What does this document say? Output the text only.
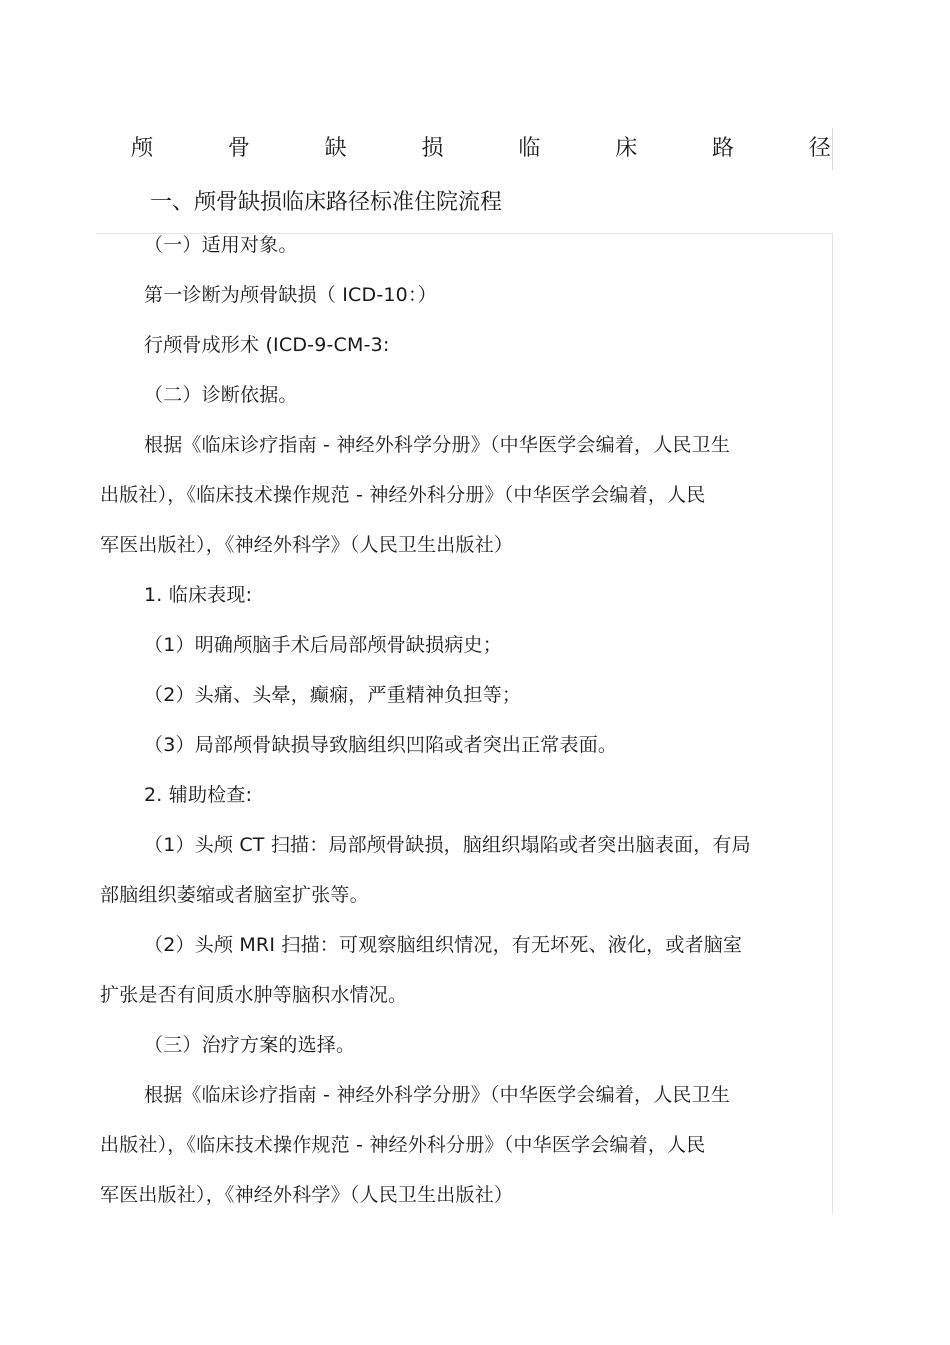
颅	骨	缺	损	临	床	路	径
一、颅骨缺损临床路径标准住院流程
（一）适用对象。
第一诊断为颅骨缺损（ ICD-10：）
行颅骨成形术 (ICD-9-CM-3:
（二）诊断依据。
根据《临床诊疗指南 - 神经外科学分册》（中华医学会编着，人民卫生
出版社），《临床技术操作规范 - 神经外科分册》（中华医学会编着，人民
军医出版社），《神经外科学》（人民卫生出版社）
1. 临床表现:
（1）明确颅脑手术后局部颅骨缺损病史；
（2）头痛、头晕，癫痫，严重精神负担等；
（3）局部颅骨缺损导致脑组织凹陷或者突出正常表面。
2. 辅助检查:
（1）头颅 CT 扫描：局部颅骨缺损，脑组织塌陷或者突出脑表面，有局
部脑组织萎缩或者脑室扩张等。
（2）头颅 MRI 扫描：可观察脑组织情况，有无坏死、液化，或者脑室
扩张是否有间质水肿等脑积水情况。
（三）治疗方案的选择。
根据《临床诊疗指南 - 神经外科学分册》（中华医学会编着，人民卫生
出版社），《临床技术操作规范 - 神经外科分册》（中华医学会编着，人民
军医出版社），《神经外科学》（人民卫生出版社）
